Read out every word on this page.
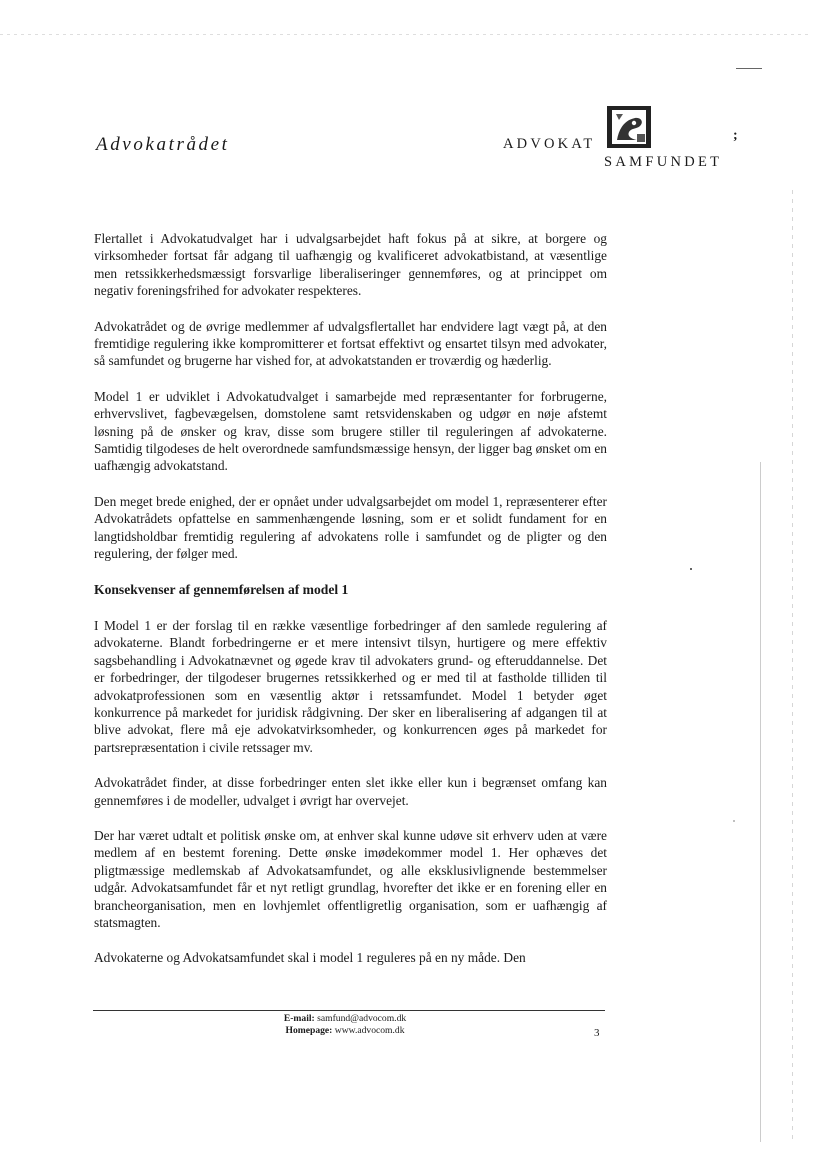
Advokatrådet	ADVOKAT
SAMFUNDET
;

Flertallet i Advokatudvalget har i udvalgsarbejdet haft fokus på at sikre, at borgere og virksomheder fortsat får adgang til uafhængig og kvalificeret advokatbistand, at væsentlige men retssikkerhedsmæssigt forsvarlige liberaliseringer gennemføres, og at princippet om negativ foreningsfrihed for advokater respekteres.

Advokatrådet og de øvrige medlemmer af udvalgsflertallet har endvidere lagt vægt på, at den fremtidige regulering ikke kompromitterer et fortsat effektivt og ensartet tilsyn med advokater, så samfundet og brugerne har vished for, at advokatstanden er troværdig og hæderlig.

Model 1 er udviklet i Advokatudvalget i samarbejde med repræsentanter for forbrugerne, erhvervslivet, fagbevægelsen, domstolene samt retsvidenskaben og udgør en nøje afstemt løsning på de ønsker og krav, disse som brugere stiller til reguleringen af advokaterne. Samtidig tilgodeses de helt overordnede samfundsmæssige hensyn, der ligger bag ønsket om en uafhængig advokatstand.

Den meget brede enighed, der er opnået under udvalgsarbejdet om model 1, repræsenterer efter Advokatrådets opfattelse en sammenhængende løsning, som er et solidt fundament for en langtidsholdbar fremtidig regulering af advokatens rolle i samfundet og de pligter og den regulering, der følger med.

Konsekvenser af gennemførelsen af model 1

I Model 1 er der forslag til en række væsentlige forbedringer af den samlede regulering af advokaterne. Blandt forbedringerne er et mere intensivt tilsyn, hurtigere og mere effektiv sagsbehandling i Advokatnævnet og øgede krav til advokaters grund- og efteruddannelse. Det er forbedringer, der tilgodeser brugernes retssikkerhed og er med til at fastholde tilliden til advokatprofessionen som en væsentlig aktør i retssamfundet. Model 1 betyder øget konkurrence på markedet for juridisk rådgivning. Der sker en liberalisering af adgangen til at blive advokat, flere må eje advokatvirksomheder, og konkurrencen øges på markedet for partsrepræsentation i civile retssager mv.

Advokatrådet finder, at disse forbedringer enten slet ikke eller kun i begrænset omfang kan gennemføres i de modeller, udvalget i øvrigt har overvejet.

Der har været udtalt et politisk ønske om, at enhver skal kunne udøve sit erhverv uden at være medlem af en bestemt forening. Dette ønske imødekommer model 1. Her ophæves det pligtmæssige medlemskab af Advokatsamfundet, og alle eksklusivlignende bestemmelser udgår. Advokatsamfundet får et nyt retligt grundlag, hvorefter det ikke er en forening eller en brancheorganisation, men en lovhjemlet offentligretlig organisation, som er uafhængig af statsmagten.

Advokaterne og Advokatsamfundet skal i model 1 reguleres på en ny måde. Den

E-mail: samfund@advocom.dk
Homepage: www.advocom.dk	3
